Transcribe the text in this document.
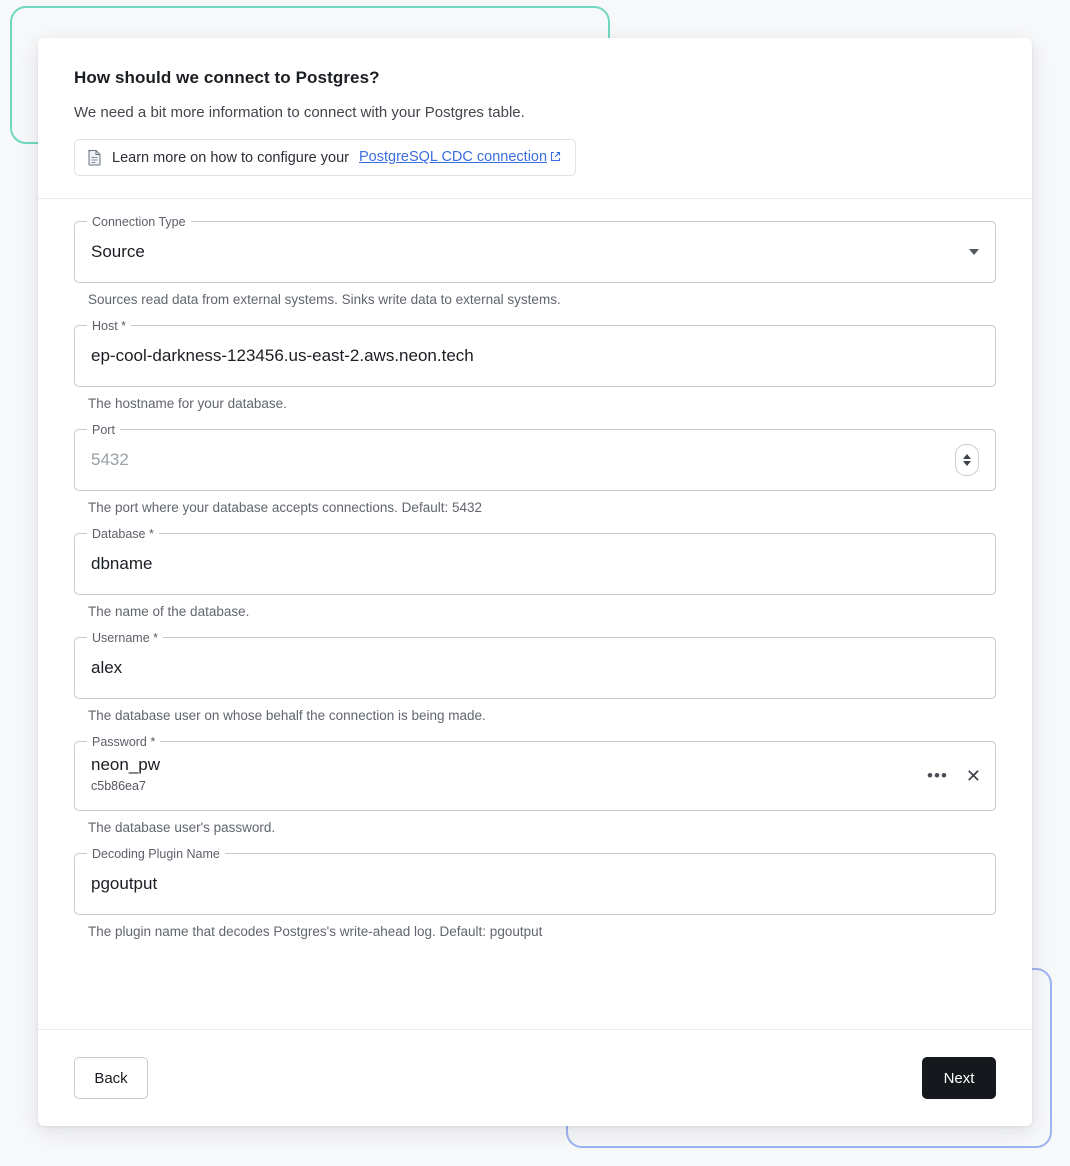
How should we connect to Postgres?

We need a bit more information to connect with your Postgres table.

Learn more on how to configure your PostgreSQL CDC connection
Connection Type
Source
Sources read data from external systems. Sinks write data to external systems.
Host *
ep-cool-darkness-123456.us-east-2.aws.neon.tech
The hostname for your database.
Port
5432
The port where your database accepts connections. Default: 5432
Database *
dbname
The name of the database.
Username *
alex
The database user on whose behalf the connection is being made.
Password *
neon_pw
c5b86ea7
••• ✕
The database user's password.
Decoding Plugin Name
pgoutput
The plugin name that decodes Postgres's write-ahead log. Default: pgoutput
Back	Next
